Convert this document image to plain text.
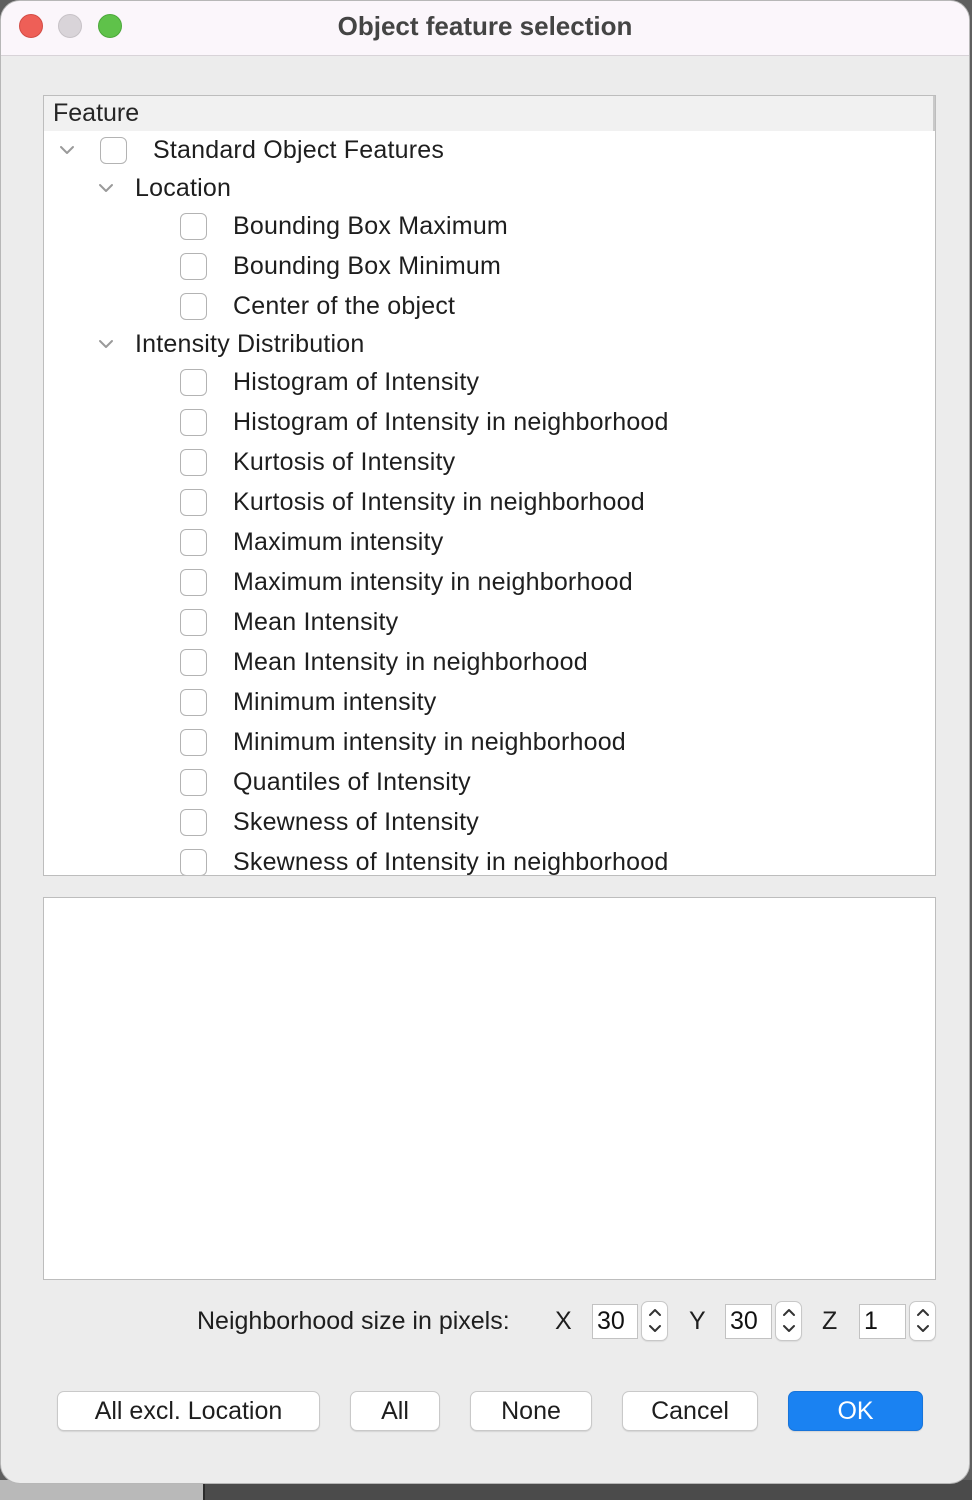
Object feature selection
Feature
Standard Object Features
Location
Bounding Box Maximum
Bounding Box Minimum
Center of the object
Intensity Distribution
Histogram of Intensity
Histogram of Intensity in neighborhood
Kurtosis of Intensity
Kurtosis of Intensity in neighborhood
Maximum intensity
Maximum intensity in neighborhood
Mean Intensity
Mean Intensity in neighborhood
Minimum intensity
Minimum intensity in neighborhood
Quantiles of Intensity
Skewness of Intensity
Skewness of Intensity in neighborhood
Neighborhood size in pixels: X
30	Y
30	Z
1
All excl. Location	All	None	Cancel	OK
